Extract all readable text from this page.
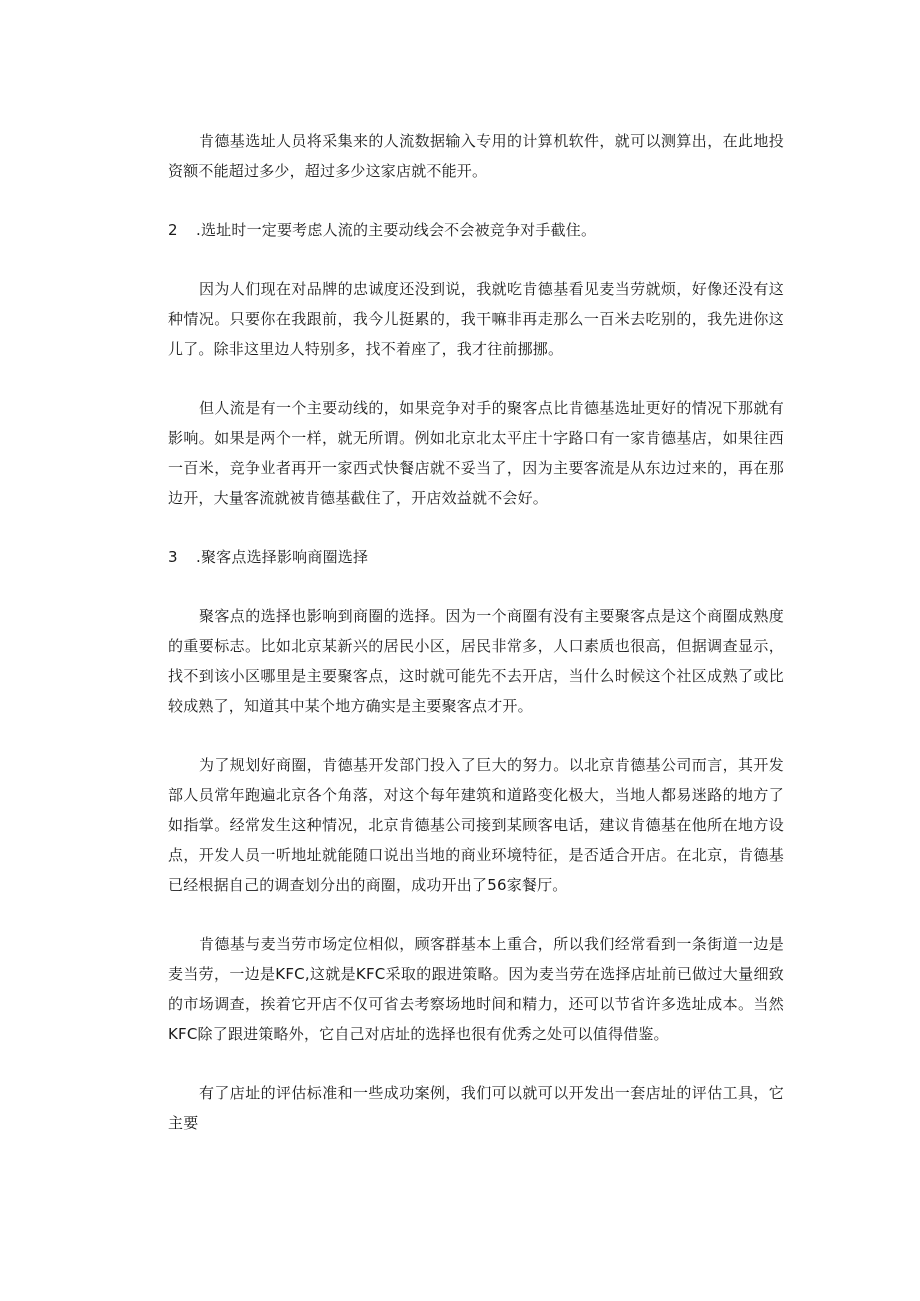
肯德基选址人员将采集来的人流数据输入专用的计算机软件，就可以测算出，在此地投资额不能超过多少，超过多少这家店就不能开。

2 .选址时一定要考虑人流的主要动线会不会被竞争对手截住。

因为人们现在对品牌的忠诚度还没到说，我就吃肯德基看见麦当劳就烦，好像还没有这种情况。只要你在我跟前，我今儿挺累的，我干嘛非再走那么一百米去吃别的，我先进你这儿了。除非这里边人特别多，找不着座了，我才往前挪挪。

但人流是有一个主要动线的，如果竞争对手的聚客点比肯德基选址更好的情况下那就有影响。如果是两个一样，就无所谓。例如北京北太平庄十字路口有一家肯德基店，如果往西一百米，竞争业者再开一家西式快餐店就不妥当了，因为主要客流是从东边过来的，再在那边开，大量客流就被肯德基截住了，开店效益就不会好。

3 .聚客点选择影响商圈选择

聚客点的选择也影响到商圈的选择。因为一个商圈有没有主要聚客点是这个商圈成熟度的重要标志。比如北京某新兴的居民小区，居民非常多，人口素质也很高，但据调查显示，找不到该小区哪里是主要聚客点，这时就可能先不去开店，当什么时候这个社区成熟了或比较成熟了，知道其中某个地方确实是主要聚客点才开。

为了规划好商圈，肯德基开发部门投入了巨大的努力。以北京肯德基公司而言，其开发部人员常年跑遍北京各个角落，对这个每年建筑和道路变化极大，当地人都易迷路的地方了如指掌。经常发生这种情况，北京肯德基公司接到某顾客电话，建议肯德基在他所在地方设点，开发人员一听地址就能随口说出当地的商业环境特征，是否适合开店。在北京，肯德基已经根据自己的调查划分出的商圈，成功开出了56家餐厅。

肯德基与麦当劳市场定位相似，顾客群基本上重合，所以我们经常看到一条街道一边是麦当劳，一边是KFC,这就是KFC采取的跟进策略。因为麦当劳在选择店址前已做过大量细致的市场调查，挨着它开店不仅可省去考察场地时间和精力，还可以节省许多选址成本。当然KFC除了跟进策略外，它自己对店址的选择也很有优秀之处可以值得借鉴。

有了店址的评估标准和一些成功案例，我们可以就可以开发出一套店址的评估工具，它主要
